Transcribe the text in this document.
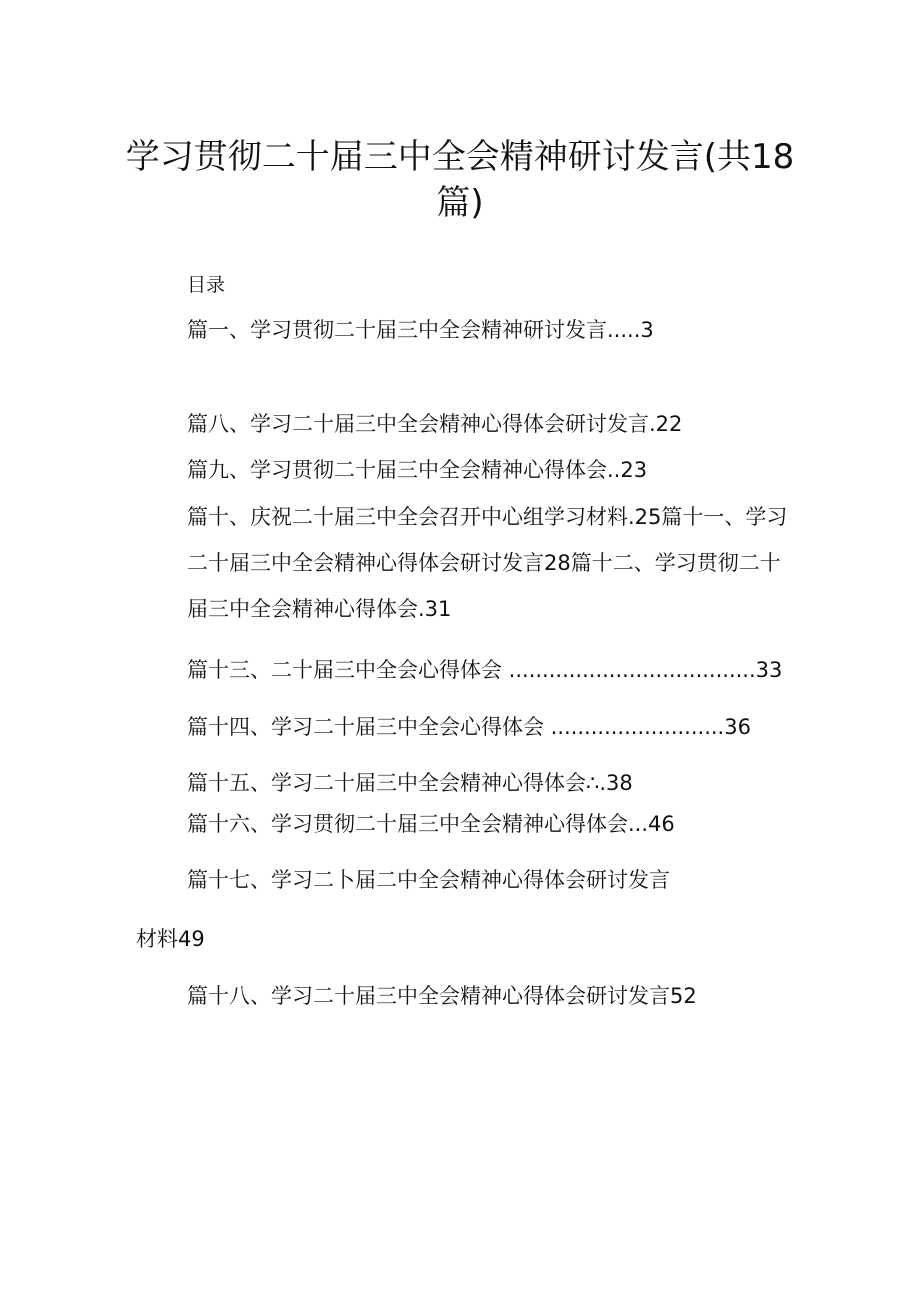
学习贯彻二十届三中全会精神研讨发言(共18
篇)
目录
篇一、学习贯彻二十届三中全会精神研讨发言.....3
篇八、学习二十届三中全会精神心得体会研讨发言.22
篇九、学习贯彻二十届三中全会精神心得体会..23
篇十、庆祝二十届三中全会召开中心组学习材料.25篇十一、学习二十届三中全会精神心得体会研讨发言28篇十二、学习贯彻二十届三中全会精神心得体会.31
篇十三、二十届三中全会心得体会 .....................................33
篇十四、学习二十届三中全会心得体会 ..........................36
篇十五、学习二十届三中全会精神心得体会∴.38
篇十六、学习贯彻二十届三中全会精神心得体会...46
篇十七、学习二卜届二中全会精神心得体会研讨发言
材料49
篇十八、学习二十届三中全会精神心得体会研讨发言52
